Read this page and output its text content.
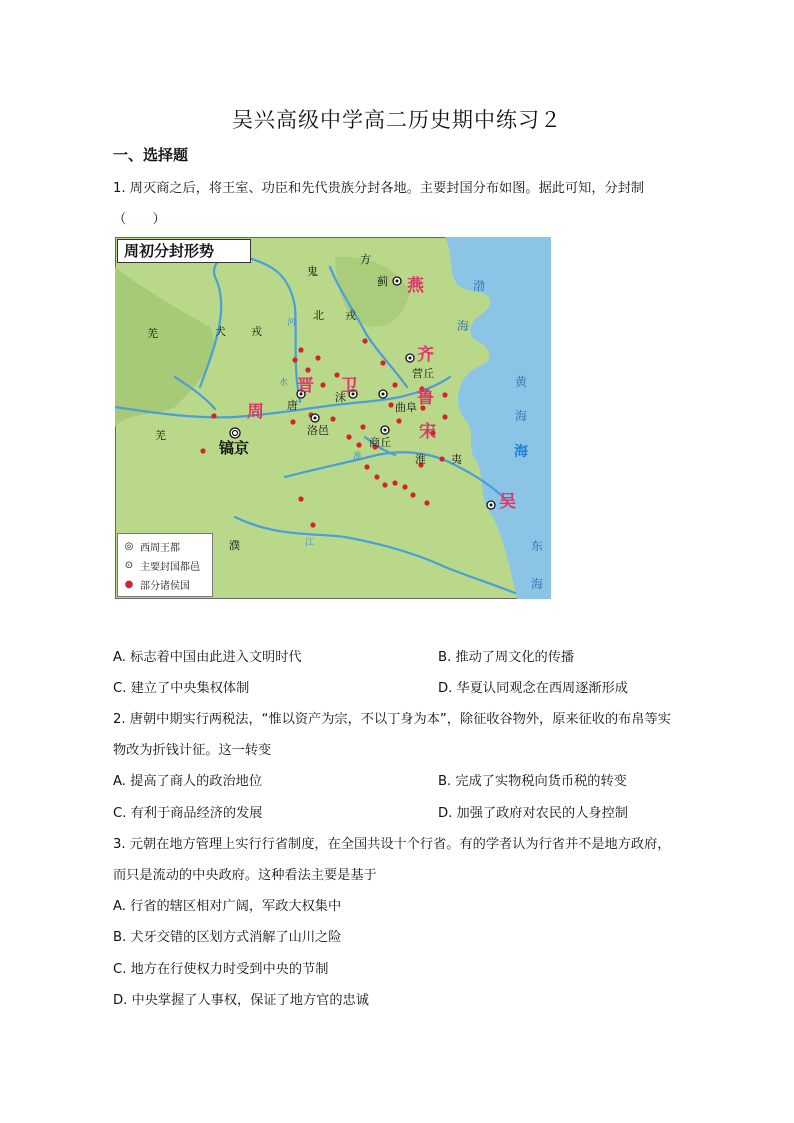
吴兴高级中学高二历史期中练习２
一、选择题
1. 周灭商之后，将王室、功臣和先代贵族分封各地。主要封国分布如图。据此可知，分封制
（　　）
周初分封形势
燕
齐
晋 卫
周
鲁
宋
吴
蓟
营丘
唐
沬
曲阜
洛邑
商丘
镐京
鬼
方
北 戎
羌	犬 戎
羌
淮 夷
濮
渤
海
黄
海
海
东
海
河
水
淮
江
◎ 西周王都
⊙ 主要封国都邑
● 部分诸侯国
A. 标志着中国由此进入文明时代	B. 推动了周文化的传播
C. 建立了中央集权体制	D. 华夏认同观念在西周逐渐形成
2. 唐朝中期实行两税法，“惟以资产为宗，不以丁身为本”，除征收谷物外，原来征收的布帛等实
物改为折钱计征。这一转变
A. 提高了商人的政治地位	B. 完成了实物税向货币税的转变
C. 有利于商品经济的发展	D. 加强了政府对农民的人身控制
3. 元朝在地方管理上实行行省制度，在全国共设十个行省。有的学者认为行省并不是地方政府，
而只是流动的中央政府。这种看法主要是基于
A. 行省的辖区相对广阔，军政大权集中
B. 犬牙交错的区划方式消解了山川之险
C. 地方在行使权力时受到中央的节制
D. 中央掌握了人事权，保证了地方官的忠诚
